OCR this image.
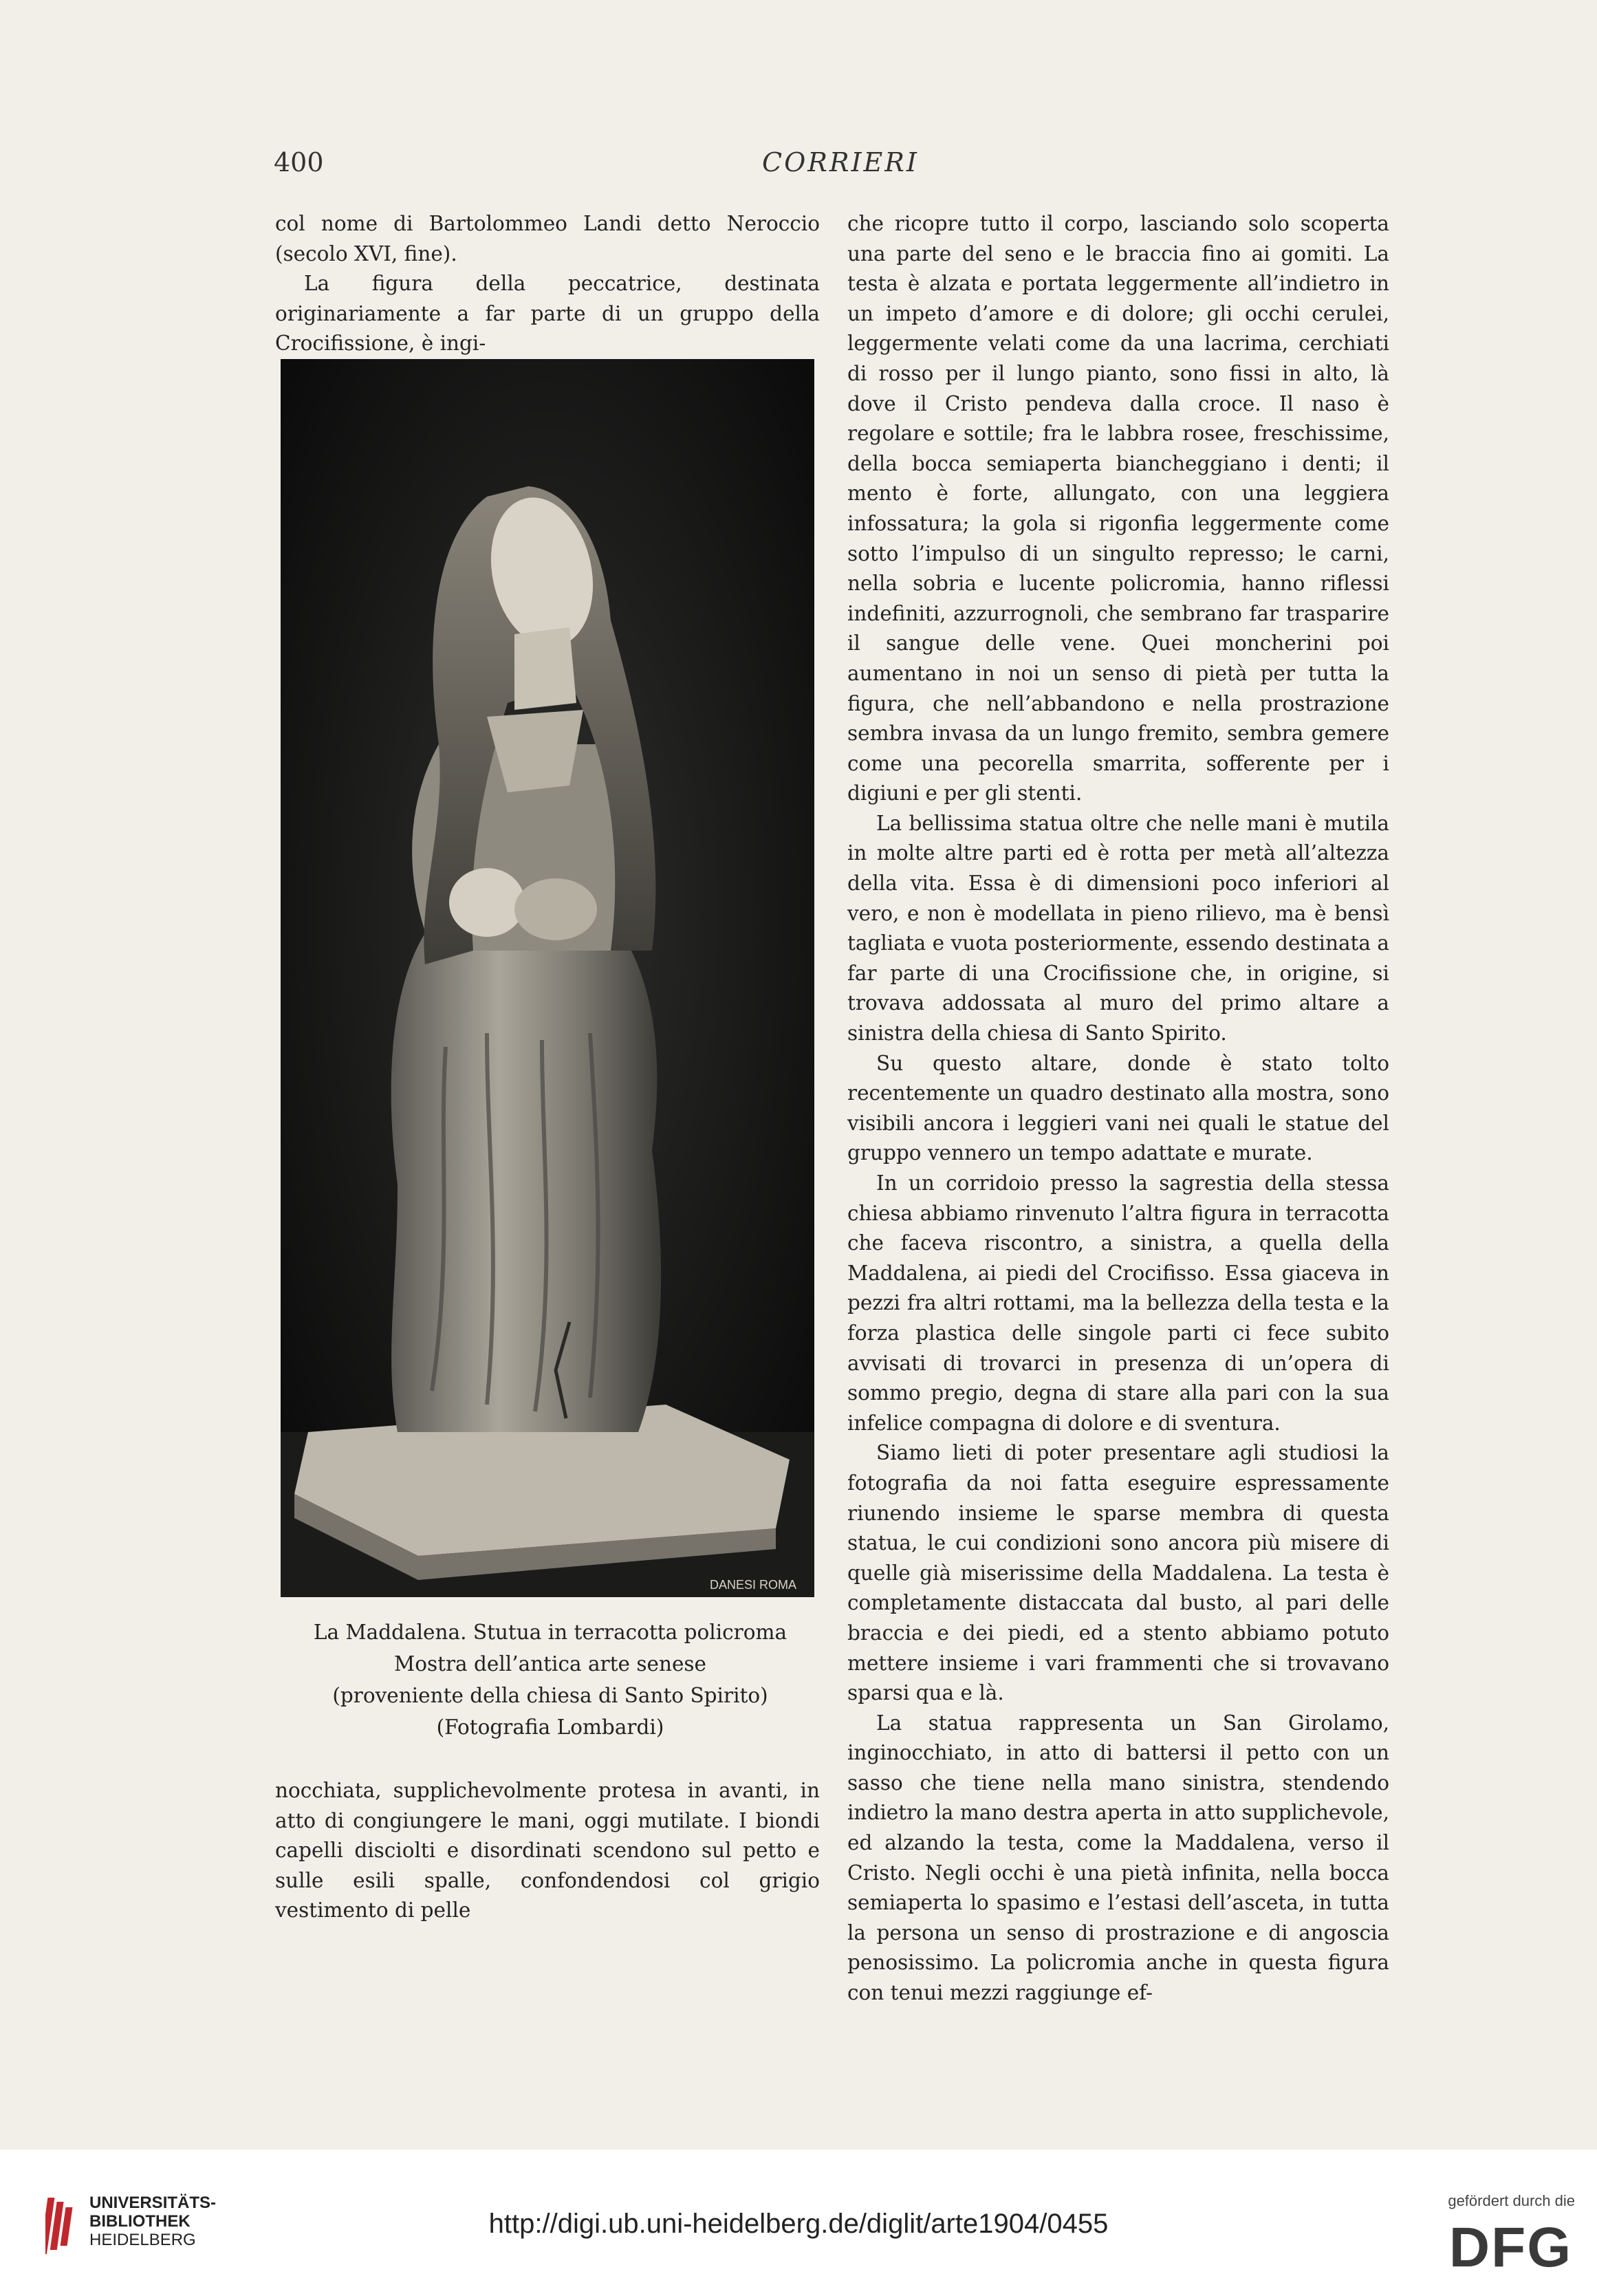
400	CORRIERI

col nome di Bartolommeo Landi detto Neroccio (secolo XVI, fine).

La figura della peccatrice, destinata originariamente a far parte di un gruppo della Crocifissione, è ingi-

DANESI ROMA
La Maddalena. Stutua in terracotta policroma
Mostra dell’antica arte senese
(proveniente della chiesa di Santo Spirito)
(Fotografia Lombardi)

nocchiata, supplichevolmente protesa in avanti, in atto di congiungere le mani, oggi mutilate. I biondi capelli disciolti e disordinati scendono sul petto e sulle esili spalle, confondendosi col grigio vestimento di pelle

che ricopre tutto il corpo, lasciando solo scoperta una parte del seno e le braccia fino ai gomiti. La testa è alzata e portata leggermente all’indietro in un impeto d’amore e di dolore; gli occhi cerulei, leggermente velati come da una lacrima, cerchiati di rosso per il lungo pianto, sono fissi in alto, là dove il Cristo pendeva dalla croce. Il naso è regolare e sottile; fra le labbra rosee, freschissime, della bocca semiaperta biancheggiano i denti; il mento è forte, allungato, con una leggiera infossatura; la gola si rigonfia leggermente come sotto l’impulso di un singulto represso; le carni, nella sobria e lucente policromia, hanno riflessi indefiniti, azzurrognoli, che sembrano far trasparire il sangue delle vene. Quei moncherini poi aumentano in noi un senso di pietà per tutta la figura, che nell’abbandono e nella prostrazione sembra invasa da un lungo fremito, sembra gemere come una pecorella smarrita, sofferente per i digiuni e per gli stenti.

La bellissima statua oltre che nelle mani è mutila in molte altre parti ed è rotta per metà all’altezza della vita. Essa è di dimensioni poco inferiori al vero, e non è modellata in pieno rilievo, ma è bensì tagliata e vuota posteriormente, essendo destinata a far parte di una Crocifissione che, in origine, si trovava addossata al muro del primo altare a sinistra della chiesa di Santo Spirito.

Su questo altare, donde è stato tolto recentemente un quadro destinato alla mostra, sono visibili ancora i leggieri vani nei quali le statue del gruppo vennero un tempo adattate e murate.

In un corridoio presso la sagrestia della stessa chiesa abbiamo rinvenuto l’altra figura in terracotta che faceva riscontro, a sinistra, a quella della Maddalena, ai piedi del Crocifisso. Essa giaceva in pezzi fra altri rottami, ma la bellezza della testa e la forza plastica delle singole parti ci fece subito avvisati di trovarci in presenza di un’opera di sommo pregio, degna di stare alla pari con la sua infelice compagna di dolore e di sventura.

Siamo lieti di poter presentare agli studiosi la fotografia da noi fatta eseguire espressamente riunendo insieme le sparse membra di questa statua, le cui condizioni sono ancora più misere di quelle già miserissime della Maddalena. La testa è completamente distaccata dal busto, al pari delle braccia e dei piedi, ed a stento abbiamo potuto mettere insieme i vari frammenti che si trovavano sparsi qua e là.

La statua rappresenta un San Girolamo, inginocchiato, in atto di battersi il petto con un sasso che tiene nella mano sinistra, stendendo indietro la mano destra aperta in atto supplichevole, ed alzando la testa, come la Maddalena, verso il Cristo. Negli occhi è una pietà infinita, nella bocca semiaperta lo spasimo e l’estasi dell’asceta, in tutta la persona un senso di prostrazione e di angoscia penosissimo. La policromia anche in questa figura con tenui mezzi raggiunge ef-

UNIVERSITÄTS-
BIBLIOTHEK
HEIDELBERG
http://digi.ub.uni-heidelberg.de/diglit/arte1904/0455
gefördert durch die
DFG
